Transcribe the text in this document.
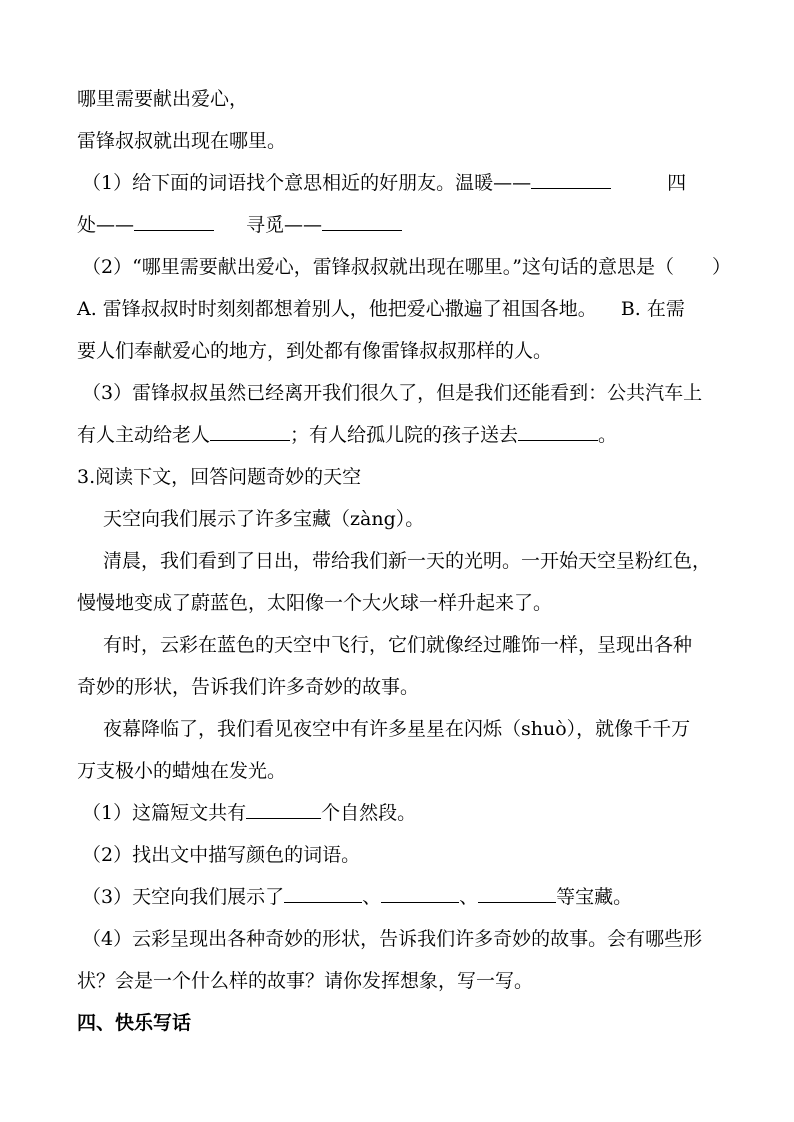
哪里需要献出爱心，
雷锋叔叔就出现在哪里。
（1）给下面的词语找个意思相近的好朋友。温暖——	四
处——	寻觅——
（2）“哪里需要献出爱心，雷锋叔叔就出现在哪里。”这句话的意思是（　　）
A. 雷锋叔叔时时刻刻都想着别人，他把爱心撒遍了祖国各地。 B. 在需
要人们奉献爱心的地方，到处都有像雷锋叔叔那样的人。
（3）雷锋叔叔虽然已经离开我们很久了，但是我们还能看到：公共汽车上
有人主动给老人	；有人给孤儿院的孩子送去	。
3.阅读下文，回答问题奇妙的天空
天空向我们展示了许多宝藏（zàng）。
清晨，我们看到了日出，带给我们新一天的光明。一开始天空呈粉红色，
慢慢地变成了蔚蓝色，太阳像一个大火球一样升起来了。
有时，云彩在蓝色的天空中飞行，它们就像经过雕饰一样，呈现出各种
奇妙的形状，告诉我们许多奇妙的故事。
夜幕降临了，我们看见夜空中有许多星星在闪烁（shuò），就像千千万
万支极小的蜡烛在发光。
（1）这篇短文共有	个自然段。
（2）找出文中描写颜色的词语。
（3）天空向我们展示了	、	、	等宝藏。
（4）云彩呈现出各种奇妙的形状，告诉我们许多奇妙的故事。会有哪些形
状？会是一个什么样的故事？请你发挥想象，写一写。
四、快乐写话
